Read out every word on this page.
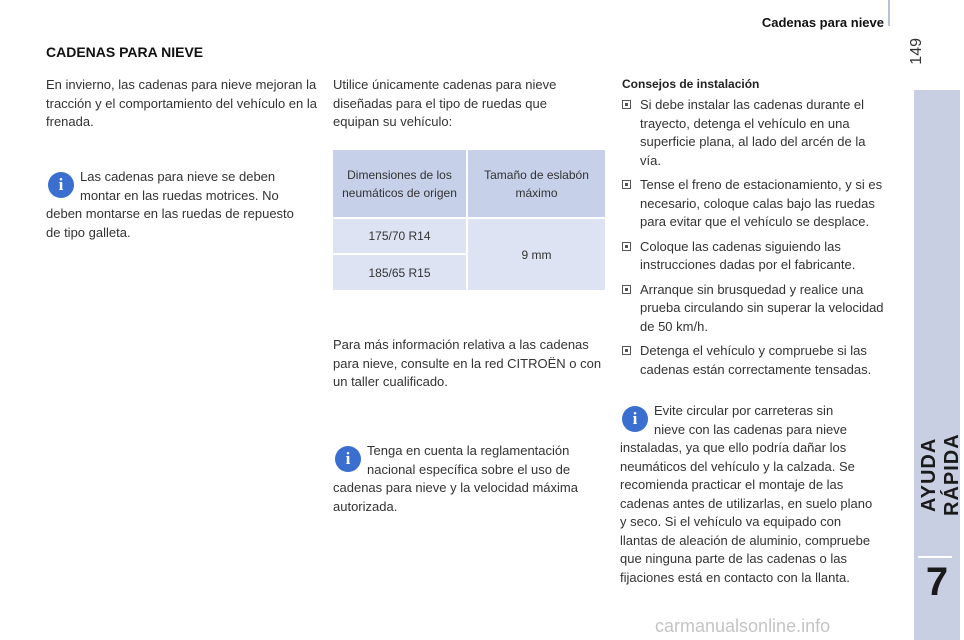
Cadenas para nieve
149
AYUDA RÁPIDA
7
CADENAS PARA NIEVE
En invierno, las cadenas para nieve mejoran la tracción y el comportamiento del vehículo en la frenada.
i	Las cadenas para nieve se deben
montar en las ruedas motrices. No
deben montarse en las ruedas de repuesto
de tipo galleta.
Utilice únicamente cadenas para nieve diseñadas para el tipo de ruedas que equipan su vehículo:
Dimensiones de los neumáticos de origen	Tamaño de eslabón máximo
175/70 R14	9 mm
185/65 R15	
Para más información relativa a las cadenas para nieve, consulte en la red CITROËN o con un taller cualificado.
i	Tenga en cuenta la reglamentación
nacional específica sobre el uso de
cadenas para nieve y la velocidad máxima
autorizada.
Consejos de instalación
Si debe instalar las cadenas durante el trayecto, detenga el vehículo en una superficie plana, al lado del arcén de la vía.
Tense el freno de estacionamiento, y si es necesario, coloque calas bajo las ruedas para evitar que el vehículo se desplace.
Coloque las cadenas siguiendo las instrucciones dadas por el fabricante.
Arranque sin brusquedad y realice una prueba circulando sin superar la velocidad de 50 km/h.
Detenga el vehículo y compruebe si las cadenas están correctamente tensadas.
i	Evite circular por carreteras sin
nieve con las cadenas para nieve
instaladas, ya que ello podría dañar los
neumáticos del vehículo y la calzada. Se
recomienda practicar el montaje de las
cadenas antes de utilizarlas, en suelo plano
y seco. Si el vehículo va equipado con
llantas de aleación de aluminio, compruebe
que ninguna parte de las cadenas o las
fijaciones está en contacto con la llanta.
carmanualsonline.info
